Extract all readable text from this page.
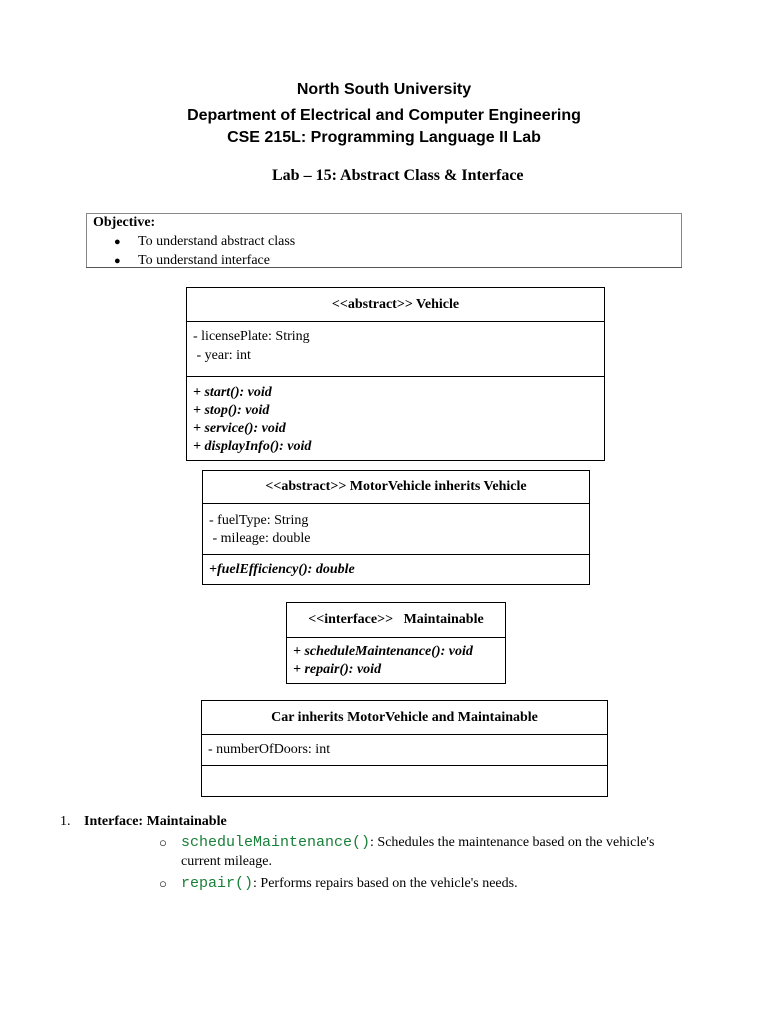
North South University
Department of Electrical and Computer Engineering
CSE 215L: Programming Language II Lab
Lab – 15: Abstract Class & Interface
Objective:
● To understand abstract class
● To understand interface
<<abstract>> Vehicle
- licensePlate: String
- year: int
+ start(): void
+ stop(): void
+ service(): void
+ displayInfo(): void
<<abstract>> MotorVehicle inherits Vehicle
- fuelType: String
- mileage: double
+fuelEfficiency(): double
<<interface>>   Maintainable
+ scheduleMaintenance(): void
+ repair(): void
Car inherits MotorVehicle and Maintainable
- numberOfDoors: int
1. Interface: Maintainable
○ scheduleMaintenance(): Schedules the maintenance based on the vehicle's
current mileage.
○ repair(): Performs repairs based on the vehicle's needs.
